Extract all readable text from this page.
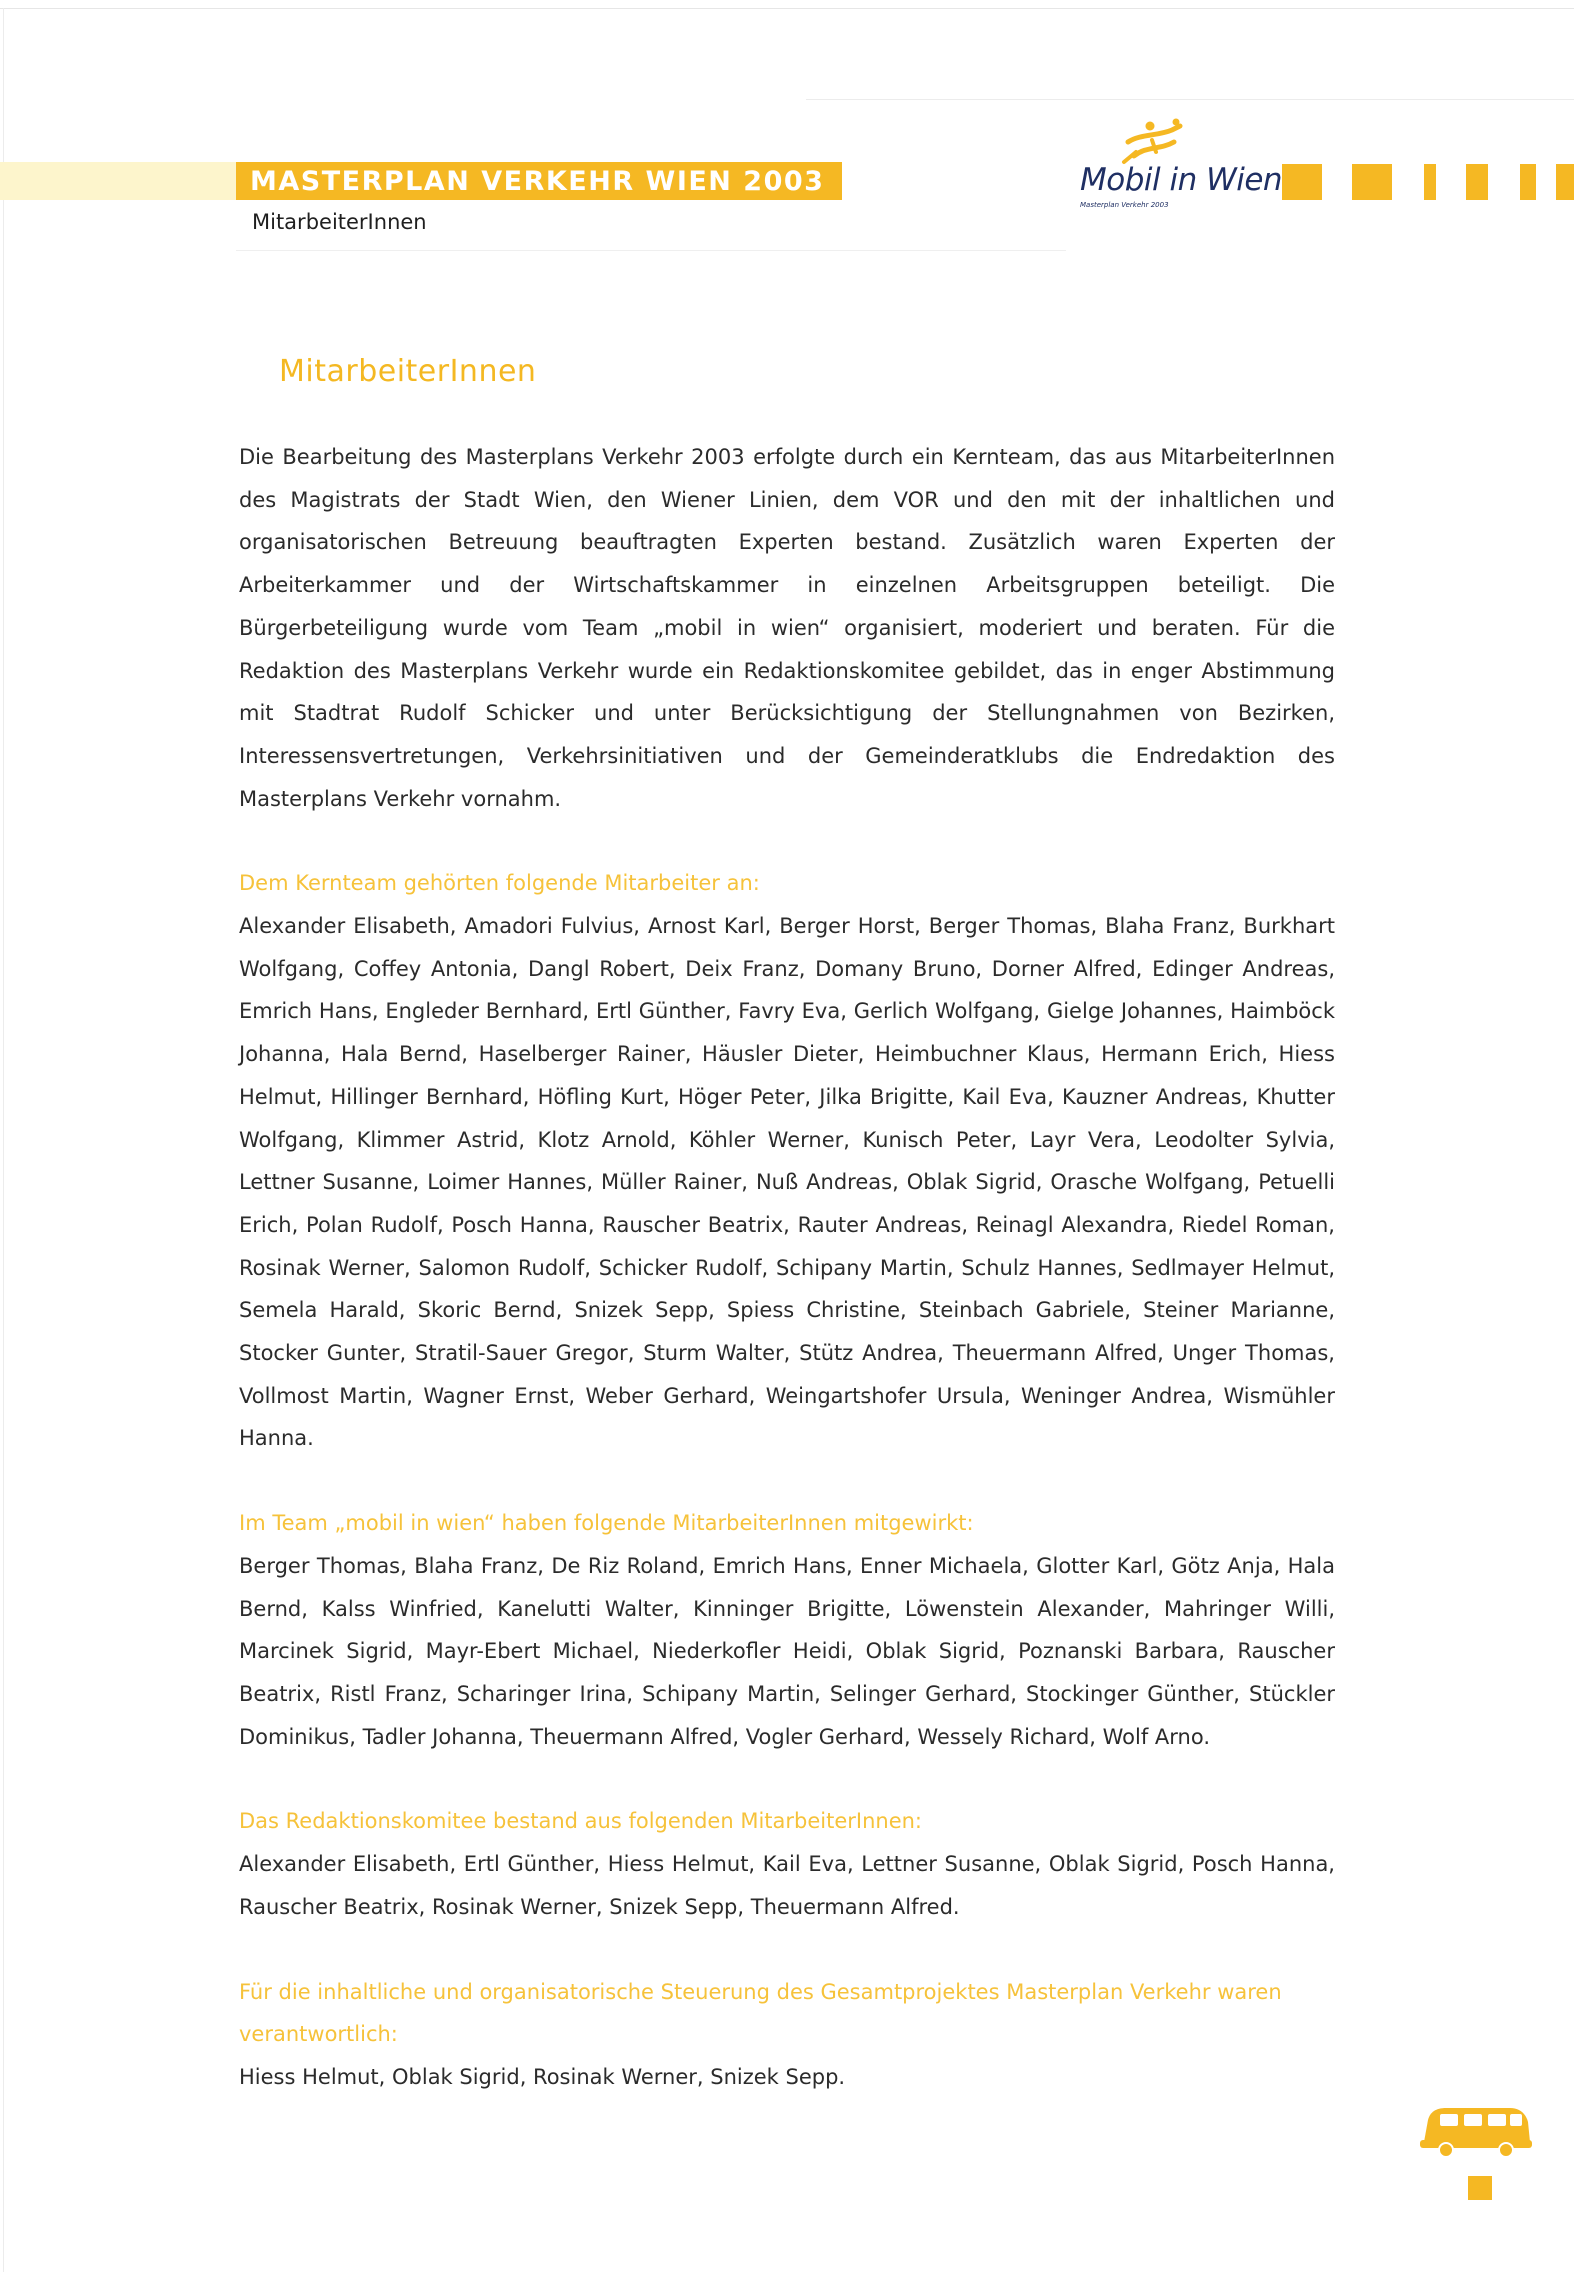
MASTERPLAN VERKEHR WIEN 2003	Mobil in Wien
Masterplan Verkehr 2003
MitarbeiterInnen
MitarbeiterInnen

Die Bearbeitung des Masterplans Verkehr 2003 erfolgte durch ein Kernteam, das aus MitarbeiterInnen des Magistrats der Stadt Wien, den Wiener Linien, dem VOR und den mit der inhaltlichen und organisatorischen Betreuung beauftragten Experten bestand. Zusätzlich waren Experten der Arbeiterkammer und der Wirtschaftskammer in einzelnen Arbeitsgruppen beteiligt. Die Bürgerbeteiligung wurde vom Team „mobil in wien“ organisiert, moderiert und beraten. Für die Redaktion des Masterplans Verkehr wurde ein Redaktionskomitee gebildet, das in enger Abstimmung mit Stadtrat Rudolf Schicker und unter Berücksichtigung der Stellungnahmen von Bezirken, Interessensvertretungen, Verkehrsinitiativen und der Gemeinderatklubs die Endredaktion des Masterplans Verkehr vornahm.

Dem Kernteam gehörten folgende Mitarbeiter an:

Alexander Elisabeth, Amadori Fulvius, Arnost Karl, Berger Horst, Berger Thomas, Blaha Franz, Burkhart Wolfgang, Coffey Antonia, Dangl Robert, Deix Franz, Domany Bruno, Dorner Alfred, Edinger Andreas, Emrich Hans, Engleder Bernhard, Ertl Günther, Favry Eva, Gerlich Wolfgang, Gielge Johannes, Haimböck Johanna, Hala Bernd, Haselberger Rainer, Häusler Dieter, Heimbuchner Klaus, Hermann Erich, Hiess Helmut, Hillinger Bernhard, Höfling Kurt, Höger Peter, Jilka Brigitte, Kail Eva, Kauzner Andreas, Khutter Wolfgang, Klimmer Astrid, Klotz Arnold, Köhler Werner, Kunisch Peter, Layr Vera, Leodolter Sylvia, Lettner Susanne, Loimer Hannes, Müller Rainer, Nuß Andreas, Oblak Sigrid, Orasche Wolfgang, Petuelli Erich, Polan Rudolf, Posch Hanna, Rauscher Beatrix, Rauter Andreas, Reinagl Alexandra, Riedel Roman, Rosinak Werner, Salomon Rudolf, Schicker Rudolf, Schipany Martin, Schulz Hannes, Sedlmayer Helmut, Semela Harald, Skoric Bernd, Snizek Sepp, Spiess Christine, Steinbach Gabriele, Steiner Marianne, Stocker Gunter, Stratil-Sauer Gregor, Sturm Walter, Stütz Andrea, Theuermann Alfred, Unger Thomas, Vollmost Martin, Wagner Ernst, Weber Gerhard, Weingartshofer Ursula, Weninger Andrea, Wismühler Hanna.

Im Team „mobil in wien“ haben folgende MitarbeiterInnen mitgewirkt:

Berger Thomas, Blaha Franz, De Riz Roland, Emrich Hans, Enner Michaela, Glotter Karl, Götz Anja, Hala Bernd, Kalss Winfried, Kanelutti Walter, Kinninger Brigitte, Löwenstein Alexander, Mahringer Willi, Marcinek Sigrid, Mayr-Ebert Michael, Niederkofler Heidi, Oblak Sigrid, Poznanski Barbara, Rauscher Beatrix, Ristl Franz, Scharinger Irina, Schipany Martin, Selinger Gerhard, Stockinger Günther, Stückler Dominikus, Tadler Johanna, Theuermann Alfred, Vogler Gerhard, Wessely Richard, Wolf Arno.

Das Redaktionskomitee bestand aus folgenden MitarbeiterInnen:

Alexander Elisabeth, Ertl Günther, Hiess Helmut, Kail Eva, Lettner Susanne, Oblak Sigrid, Posch Hanna, Rauscher Beatrix, Rosinak Werner, Snizek Sepp, Theuermann Alfred.

Für die inhaltliche und organisatorische Steuerung des Gesamtprojektes Masterplan Verkehr waren verantwortlich:

Hiess Helmut, Oblak Sigrid, Rosinak Werner, Snizek Sepp.
